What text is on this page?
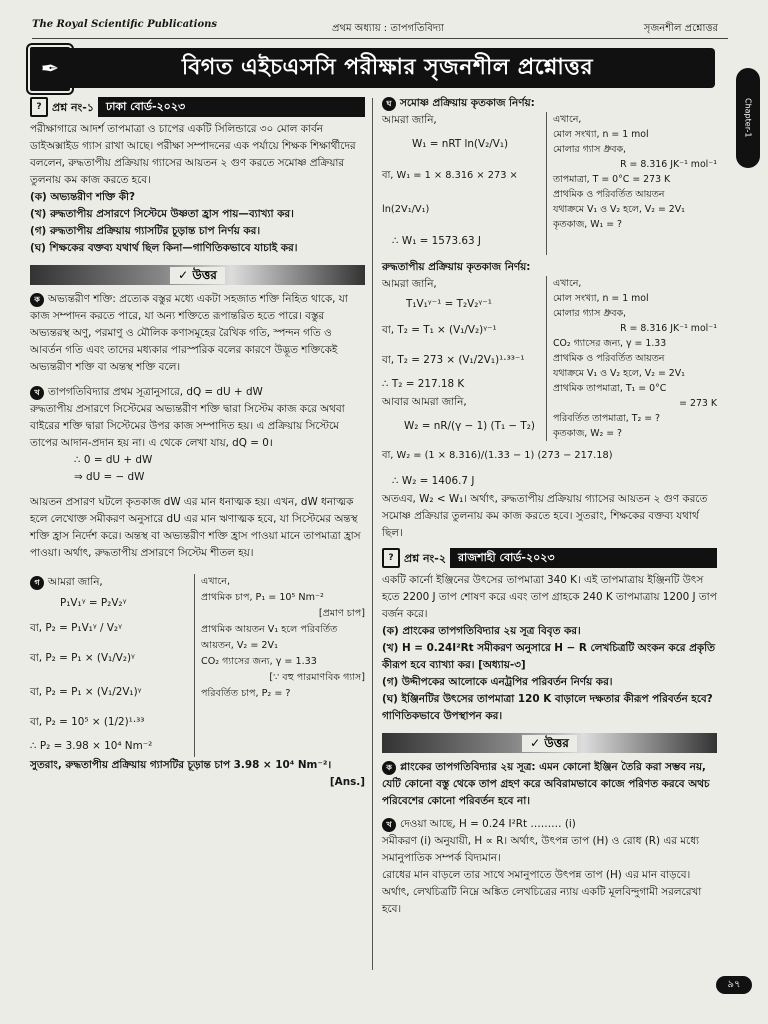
The Royal Scientific Publications	প্রথম অধ্যায় : তাপগতিবিদ্যা	সৃজনশীল প্রশ্নোত্তর
✒	বিগত এইচএসসি পরীক্ষার সৃজনশীল প্রশ্নোত্তর
Chapter-1
? প্রশ্ন নং-১	ঢাকা বোর্ড-২০২৩

পরীক্ষাগারে আদর্শ তাপমাত্রা ও চাপের একটি সিলিন্ডারে ৩০ মোল কার্বন ডাইঅক্সাইড গ্যাস রাখা আছে। পরীক্ষা সম্পাদনের এক পর্যায়ে শিক্ষক শিক্ষার্থীদের বললেন, রুদ্ধতাপীয় প্রক্রিয়ায় গ্যাসের আয়তন ২ গুণ করতে সমোষ্ণ প্রক্রিয়ার তুলনায় কম কাজ করতে হবে।

(ক) অভ্যন্তরীণ শক্তি কী?

(খ) রুদ্ধতাপীয় প্রসারণে সিস্টেমে উষ্ণতা হ্রাস পায়—ব্যাখ্যা কর।

(গ) রুদ্ধতাপীয় প্রক্রিয়ায় গ্যাসটির চূড়ান্ত চাপ নির্ণয় কর।

(ঘ) শিক্ষকের বক্তব্য যথার্থ ছিল কিনা—গাণিতিকভাবে যাচাই কর।

✓ উত্তর

ক অভ্যন্তরীণ শক্তি: প্রত্যেক বস্তুর মধ্যে একটা সহজাত শক্তি নিহিত থাকে, যা কাজ সম্পাদন করতে পারে, যা অন্য শক্তিতে রূপান্তরিত হতে পারে। বস্তুর অভ্যন্তরস্থ অণু, পরমাণু ও মৌলিক কণাসমূহের রৈখিক গতি, স্পন্দন গতি ও আবর্তন গতি এবং তাদের মধ্যকার পারস্পরিক বলের কারণে উদ্ভূত শক্তিকেই অভ্যন্তরীণ শক্তি বা অন্তস্থ শক্তি বলে।

খ তাপগতিবিদ্যার প্রথম সূত্রানুসারে, dQ = dU + dW

রুদ্ধতাপীয় প্রসারণে সিস্টেমের অভ্যন্তরীণ শক্তি দ্বারা সিস্টেম কাজ করে অথবা বাইরের শক্তি দ্বারা সিস্টেমের উপর কাজ সম্পাদিত হয়। এ প্রক্রিয়ায় সিস্টেমে তাপের আদান-প্রদান হয় না। এ থেকে লেখা যায়, dQ = 0।

∴ 0 = dU + dW

⇒ dU = − dW

আয়তন প্রসারণ ঘটলে কৃতকাজ dW এর মান ধনাত্মক হয়। এখন, dW ধনাত্মক হলে লেখোক্ত সমীকরণ অনুসারে dU এর মান ঋণাত্মক হবে, যা সিস্টেমের অন্তস্থ শক্তি হ্রাস নির্দেশ করে। অন্তস্থ বা অভ্যন্তরীণ শক্তি হ্রাস পাওয়া মানে তাপমাত্রা হ্রাস পাওয়া। অর্থাৎ, রুদ্ধতাপীয় প্রসারণে সিস্টেম শীতল হয়।

গ আমরা জানি,

P₁V₁ᵞ = P₂V₂ᵞ

বা, P₂ = P₁V₁ᵞ / V₂ᵞ

বা, P₂ = P₁ × (V₁/V₂)ᵞ

বা, P₂ = P₁ × (V₁/2V₁)ᵞ

বা, P₂ = 10⁵ × (1/2)¹·³³

∴ P₂ = 3.98 × 10⁴ Nm⁻²

এখানে,

প্রাথমিক চাপ, P₁ = 10⁵ Nm⁻²

[প্রমাণ চাপ]

প্রাথমিক আয়তন V₁ হলে পরিবর্তিত

আয়তন, V₂ = 2V₁

CO₂ গ্যাসের জন্য, γ = 1.33

[∵ বহু পারমাণবিক গ্যাস]

পরিবর্তিত চাপ, P₂ = ?

সুতরাং, রুদ্ধতাপীয় প্রক্রিয়ায় গ্যাসটির চূড়ান্ত চাপ 3.98 × 10⁴ Nm⁻²।

[Ans.]

ঘ সমোষ্ণ প্রক্রিয়ায় কৃতকাজ নির্ণয়:

আমরা জানি,

W₁ = nRT ln(V₂/V₁)

বা, W₁ = 1 × 8.316 × 273 × ln(2V₁/V₁)

∴ W₁ = 1573.63 J

এখানে,

মোল সংখ্যা, n = 1 mol

মোলার গ্যাস ধ্রুবক,

R = 8.316 JK⁻¹ mol⁻¹

তাপমাত্রা, T = 0°C = 273 K

প্রাথমিক ও পরিবর্তিত আয়তন

যথাক্রমে V₁ ও V₂ হলে, V₂ = 2V₁

কৃতকাজ, W₁ = ?

রুদ্ধতাপীয় প্রক্রিয়ায় কৃতকাজ নির্ণয়:

আমরা জানি,

T₁V₁ᵞ⁻¹ = T₂V₂ᵞ⁻¹

বা, T₂ = T₁ × (V₁/V₂)ᵞ⁻¹

বা, T₂ = 273 × (V₁/2V₁)¹·³³⁻¹

∴ T₂ = 217.18 K

আবার আমরা জানি,

W₂ = nR/(γ − 1) (T₁ − T₂)

এখানে,

মোল সংখ্যা, n = 1 mol

মোলার গ্যাস ধ্রুবক,

R = 8.316 JK⁻¹ mol⁻¹

CO₂ গ্যাসের জন্য, γ = 1.33

প্রাথমিক ও পরিবর্তিত আয়তন

যথাক্রমে V₁ ও V₂ হলে, V₂ = 2V₁

প্রাথমিক তাপমাত্রা, T₁ = 0°C

= 273 K

পরিবর্তিত তাপমাত্রা, T₂ = ?

কৃতকাজ, W₂ = ?

বা, W₂ = (1 × 8.316)/(1.33 − 1) (273 − 217.18)

∴ W₂ = 1406.7 J

অতএব, W₂ < W₁। অর্থাৎ, রুদ্ধতাপীয় প্রক্রিয়ায় গ্যাসের আয়তন ২ গুণ করতে সমোষ্ণ প্রক্রিয়ার তুলনায় কম কাজ করতে হবে। সুতরাং, শিক্ষকের বক্তব্য যথার্থ ছিল।

? প্রশ্ন নং-২	রাজশাহী বোর্ড-২০২৩

একটি কার্নো ইঞ্জিনের উৎসের তাপমাত্রা 340 K। এই তাপমাত্রায় ইঞ্জিনটি উৎস হতে 2200 J তাপ শোষণ করে এবং তাপ গ্রাহকে 240 K তাপমাত্রায় 1200 J তাপ বর্জন করে।

(ক) প্রাংকের তাপগতিবিদ্যার ২য় সূত্র বিবৃত কর।

(খ) H = 0.24I²Rt সমীকরণ অনুসারে H − R লেখচিত্রটি অংকন করে প্রকৃতি কীরূপ হবে ব্যাখ্যা কর। [অধ্যায়-৩]

(গ) উদ্দীপকের আলোকে এনট্রপির পরিবর্তন নির্ণয় কর।

(ঘ) ইঞ্জিনটির উৎসের তাপমাত্রা 120 K বাড়ালে দক্ষতার কীরূপ পরিবর্তন হবে? গাণিতিকভাবে উপস্থাপন কর।

✓ উত্তর

ক প্লাংকের তাপগতিবিদ্যার ২য় সূত্র: এমন কোনো ইঞ্জিন তৈরি করা সম্ভব নয়, যেটি কোনো বস্তু থেকে তাপ গ্রহণ করে অবিরামভাবে কাজে পরিণত করবে অথচ পরিবেশের কোনো পরিবর্তন হবে না।

খ দেওয়া আছে, H = 0.24 I²Rt ……… (i)

সমীকরণ (i) অনুযায়ী, H ∝ R। অর্থাৎ, উৎপন্ন তাপ (H) ও রোধ (R) এর মধ্যে সমানুপাতিক সম্পর্ক বিদ্যমান।

রোধের মান বাড়লে তার সাথে সমানুপাতে উৎপন্ন তাপ (H) এর মান বাড়বে। অর্থাৎ, লেখচিত্রটি নিম্নে অঙ্কিত লেখচিত্রের ন্যায় একটি মূলবিন্দুগামী সরলরেখা হবে।

৯৭
